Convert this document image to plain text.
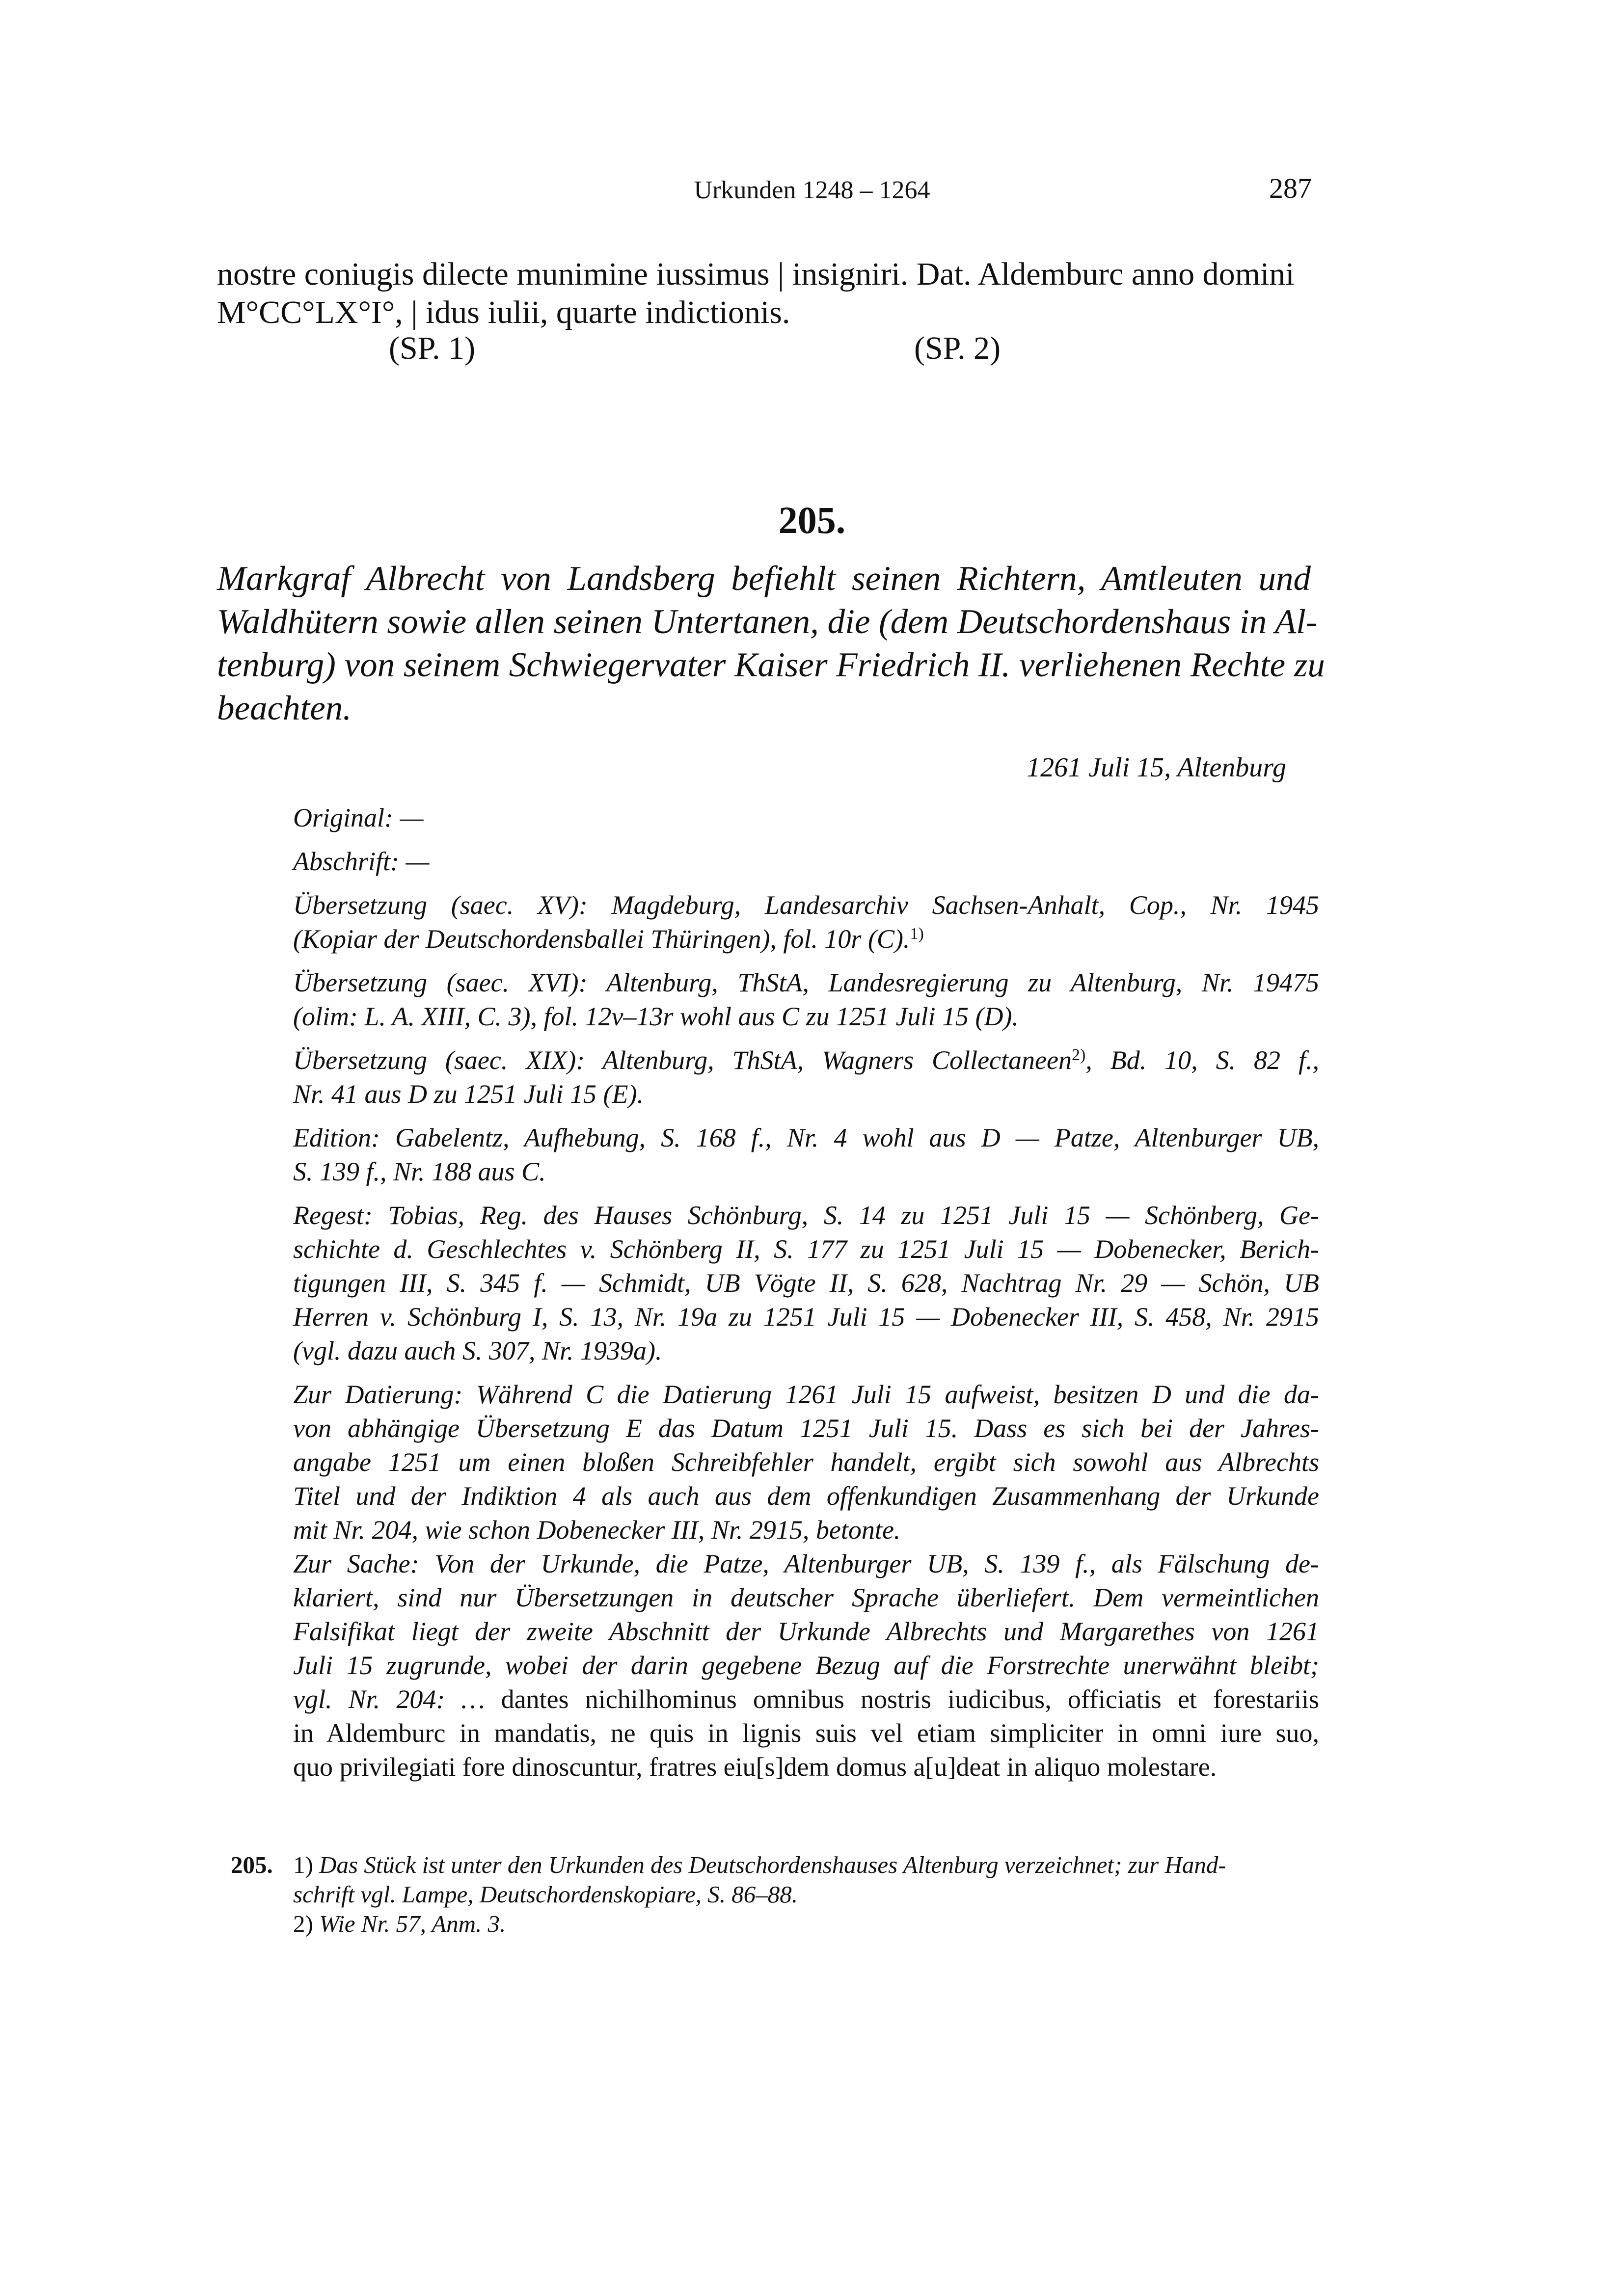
Urkunden 1248 – 1264	287
nostre coniugis dilecte munimine iussimus | insigniri. Dat. Aldemburc anno domini
M°CC°LX°I°, | idus iulii, quarte indictionis.
(SP. 1)	(SP. 2)
205.
Markgraf Albrecht von Landsberg befiehlt seinen Richtern, Amtleuten und
Waldhütern sowie allen seinen Untertanen, die (dem Deutschordenshaus in Al-
tenburg) von seinem Schwiegervater Kaiser Friedrich II. verliehenen Rechte zu
beachten.
1261 Juli 15, Altenburg
Original: —
Abschrift: —
Übersetzung (saec. XV): Magdeburg, Landesarchiv Sachsen-Anhalt, Cop., Nr. 1945
(Kopiar der Deutschordensballei Thüringen), fol. 10r (C).$^{1)}$
Übersetzung (saec. XVI): Altenburg, ThStA, Landesregierung zu Altenburg, Nr. 19475
(olim: L. A. XIII, C. 3), fol. 12v–13r wohl aus C zu 1251 Juli 15 (D).
Übersetzung (saec. XIX): Altenburg, ThStA, Wagners Collectaneen$^{2)}$, Bd. 10, S. 82 f.,
Nr. 41 aus D zu 1251 Juli 15 (E).
Edition: Gabelentz, Aufhebung, S. 168 f., Nr. 4 wohl aus D — Patze, Altenburger UB,
S. 139 f., Nr. 188 aus C.
Regest: Tobias, Reg. des Hauses Schönburg, S. 14 zu 1251 Juli 15 — Schönberg, Ge-
schichte d. Geschlechtes v. Schönberg II, S. 177 zu 1251 Juli 15 — Dobenecker, Berich-
tigungen III, S. 345 f. — Schmidt, UB Vögte II, S. 628, Nachtrag Nr. 29 — Schön, UB
Herren v. Schönburg I, S. 13, Nr. 19a zu 1251 Juli 15 — Dobenecker III, S. 458, Nr. 2915
(vgl. dazu auch S. 307, Nr. 1939a).
Zur Datierung: Während C die Datierung 1261 Juli 15 aufweist, besitzen D und die da-
von abhängige Übersetzung E das Datum 1251 Juli 15. Dass es sich bei der Jahres-
angabe 1251 um einen bloßen Schreibfehler handelt, ergibt sich sowohl aus Albrechts
Titel und der Indiktion 4 als auch aus dem offenkundigen Zusammenhang der Urkunde
mit Nr. 204, wie schon Dobenecker III, Nr. 2915, betonte.
Zur Sache: Von der Urkunde, die Patze, Altenburger UB, S. 139 f., als Fälschung de-
klariert, sind nur Übersetzungen in deutscher Sprache überliefert. Dem vermeintlichen
Falsifikat liegt der zweite Abschnitt der Urkunde Albrechts und Margarethes von 1261
Juli 15 zugrunde, wobei der darin gegebene Bezug auf die Forstrechte unerwähnt bleibt;
vgl. Nr. 204: … dantes nichilhominus omnibus nostris iudicibus, officiatis et forestariis
in Aldemburc in mandatis, ne quis in lignis suis vel etiam simpliciter in omni iure suo,
quo privilegiati fore dinoscuntur, fratres eiu[s]dem domus a[u]deat in aliquo molestare.
205. 1) Das Stück ist unter den Urkunden des Deutschordenshauses Altenburg verzeichnet; zur Hand-
schrift vgl. Lampe, Deutschordenskopiare, S. 86–88.
2) Wie Nr. 57, Anm. 3.
